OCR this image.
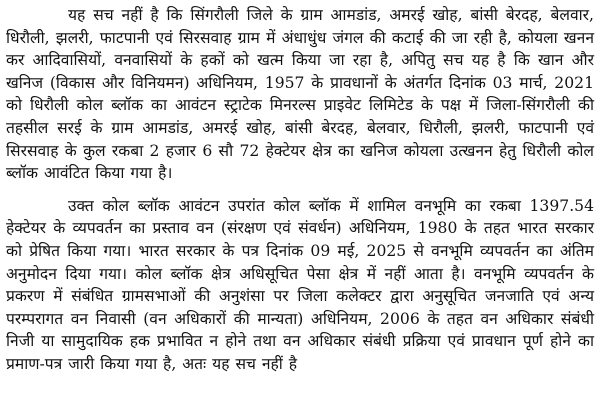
यह सच नहीं है कि सिंगरौली जिले के ग्राम आमडांड, अमरई खोह, बांसी बेरदह, बेलवार, धिरौली, झलरी, फाटपानी एवं सिरसवाह ग्राम में अंधाधुंध जंगल की कटाई की जा रही है, कोयला खनन कर आदिवासियों, वनवासियों के हकों को खत्म किया जा रहा है, अपितु सच यह है कि खान और खनिज (विकास और विनियमन) अधिनियम, 1957 के प्रावधानों के अंतर्गत दिनांक 03 मार्च, 2021 को धिरौली कोल ब्लॉक का आवंटन स्ट्राटेक मिनरल्स प्राइवेट लिमिटेड के पक्ष में जिला-सिंगरौली की तहसील सरई के ग्राम आमडांड, अमरई खोह, बांसी बेरदह, बेलवार, धिरौली, झलरी, फाटपानी एवं सिरसवाह के कुल रकबा 2 हजार 6 सौ 72 हेक्टेयर क्षेत्र का खनिज कोयला उत्खनन हेतु धिरौली कोल ब्लॉक आवंटित किया गया है।

उक्त कोल ब्लॉक आवंटन उपरांत कोल ब्लॉक में शामिल वनभूमि का रकबा 1397.54 हेक्टेयर के व्यपवर्तन का प्रस्ताव वन (संरक्षण एवं संवर्धन) अधिनियम, 1980 के तहत भारत सरकार को प्रेषित किया गया। भारत सरकार के पत्र दिनांक 09 मई, 2025 से वनभूमि व्यपवर्तन का अंतिम अनुमोदन दिया गया। कोल ब्लॉक क्षेत्र अधिसूचित पेसा क्षेत्र में नहीं आता है। वनभूमि व्यपवर्तन के प्रकरण में संबंधित ग्रामसभाओं की अनुशंसा पर जिला कलेक्टर द्वारा अनुसूचित जनजाति एवं अन्य परम्परागत वन निवासी (वन अधिकारों की मान्यता) अधिनियम, 2006 के तहत वन अधिकार संबंधी निजी या सामुदायिक हक प्रभावित न होने तथा वन अधिकार संबंधी प्रक्रिया एवं प्रावधान पूर्ण होने का प्रमाण-पत्र जारी किया गया है, अतः यह सच नहीं है
